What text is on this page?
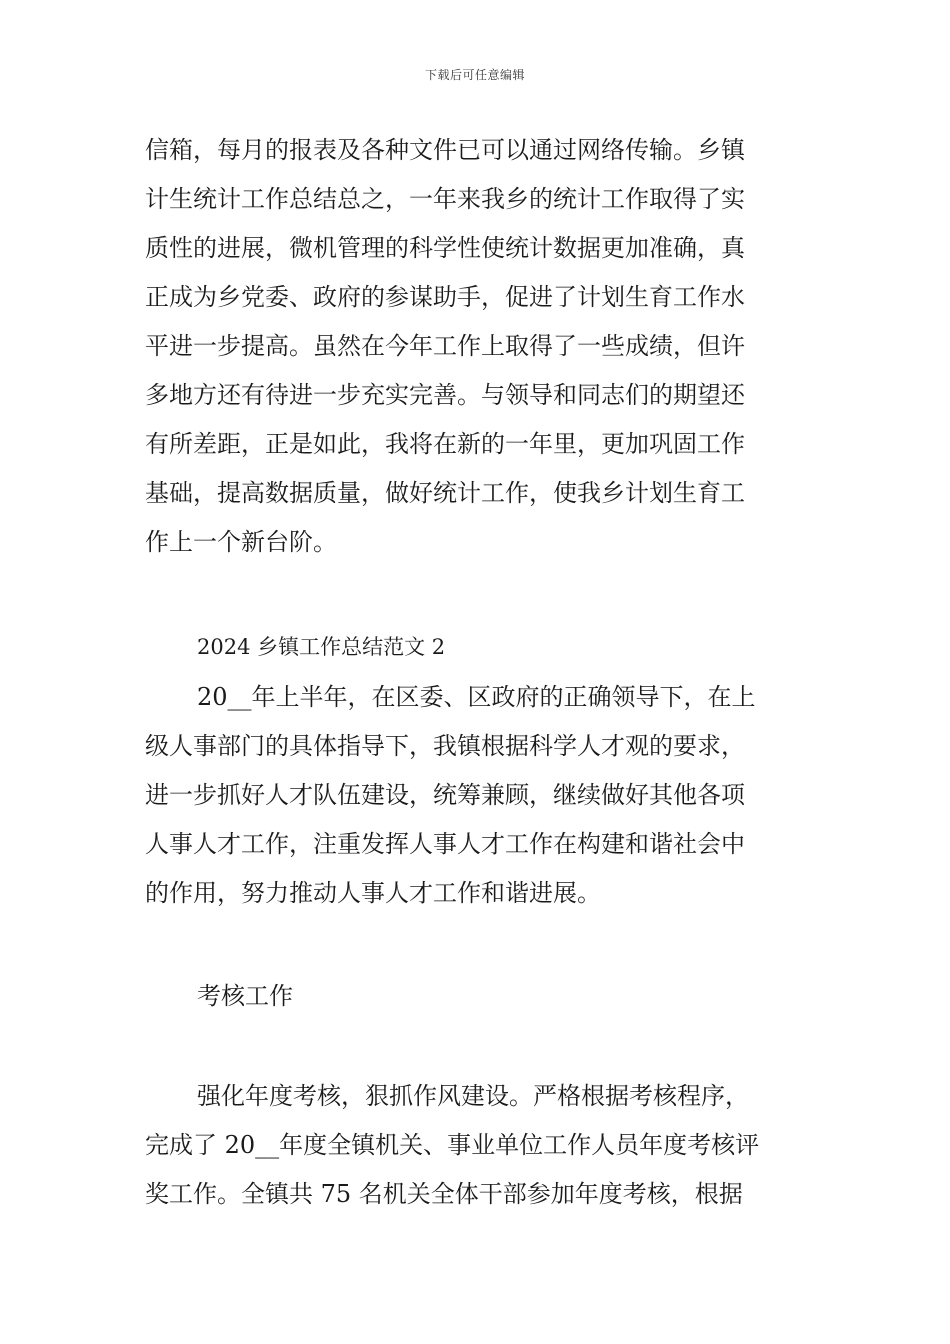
下载后可任意编辑
信箱，每月的报表及各种文件已可以通过网络传输。乡镇
计生统计工作总结总之，一年来我乡的统计工作取得了实
质性的进展，微机管理的科学性使统计数据更加准确，真
正成为乡党委、政府的参谋助手，促进了计划生育工作水
平进一步提高。虽然在今年工作上取得了一些成绩，但许
多地方还有待进一步充实完善。与领导和同志们的期望还
有所差距，正是如此，我将在新的一年里，更加巩固工作
基础，提高数据质量，做好统计工作，使我乡计划生育工
作上一个新台阶。
2024 乡镇工作总结范文 2
20__年上半年，在区委、区政府的正确领导下，在上
级人事部门的具体指导下，我镇根据科学人才观的要求，
进一步抓好人才队伍建设，统筹兼顾，继续做好其他各项
人事人才工作，注重发挥人事人才工作在构建和谐社会中
的作用，努力推动人事人才工作和谐进展。
考核工作
强化年度考核，狠抓作风建设。严格根据考核程序，
完成了 20__年度全镇机关、事业单位工作人员年度考核评
奖工作。全镇共 75 名机关全体干部参加年度考核，根据
